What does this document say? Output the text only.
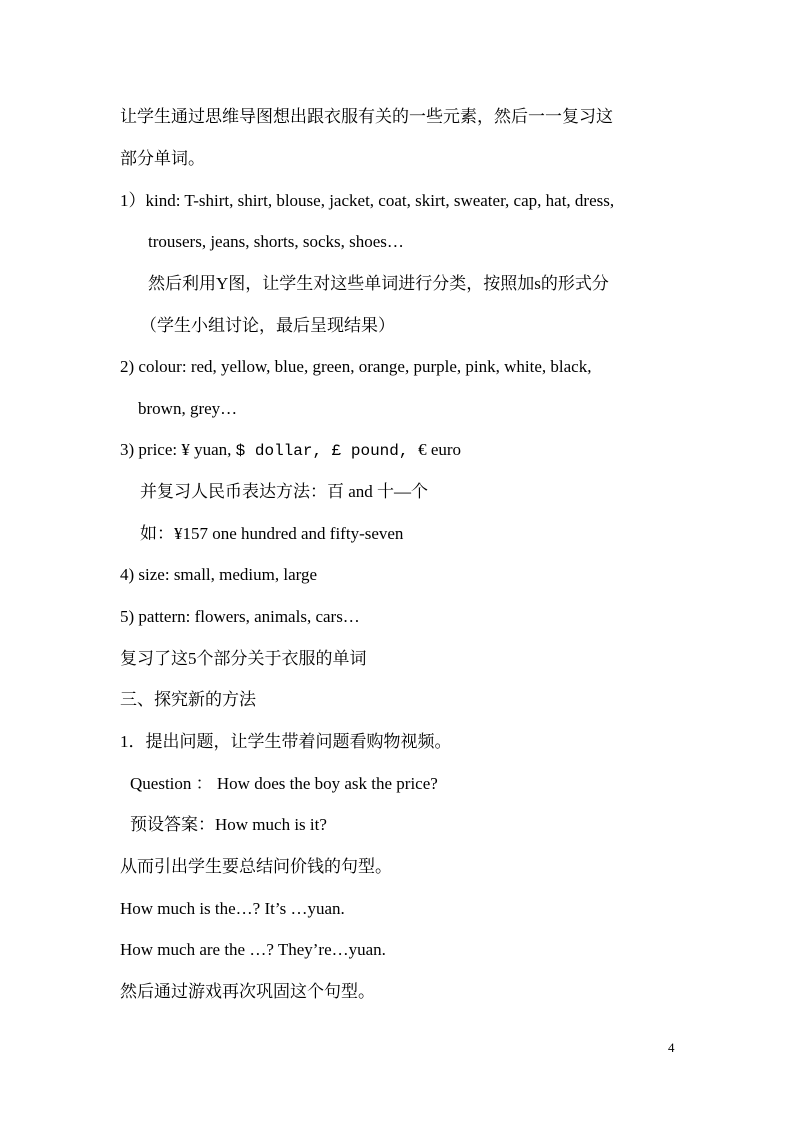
让学生通过思维导图想出跟衣服有关的一些元素，然后一一复习这
部分单词。
1）kind: T-shirt, shirt, blouse, jacket, coat, skirt, sweater, cap, hat, dress,
trousers, jeans, shorts, socks, shoes…
然后利用Y图，让学生对这些单词进行分类，按照加s的形式分
（学生小组讨论，最后呈现结果）
2) colour: red, yellow, blue, green, orange, purple, pink, white, black,
brown, grey…
3) price: ¥ yuan, $ dollar, £ pound, € euro
并复习人民币表达方法：百 and 十—个
如：¥157 one hundred and fifty-seven
4) size: small, medium, large
5) pattern: flowers, animals, cars…
复习了这5个部分关于衣服的单词
三、探究新的方法
1．提出问题，让学生带着问题看购物视频。
Question ： How does the boy ask the price?
预设答案：How much is it?
从而引出学生要总结问价钱的句型。
How much is the…? It’s …yuan.
How much are the …? They’re…yuan.
然后通过游戏再次巩固这个句型。
4
